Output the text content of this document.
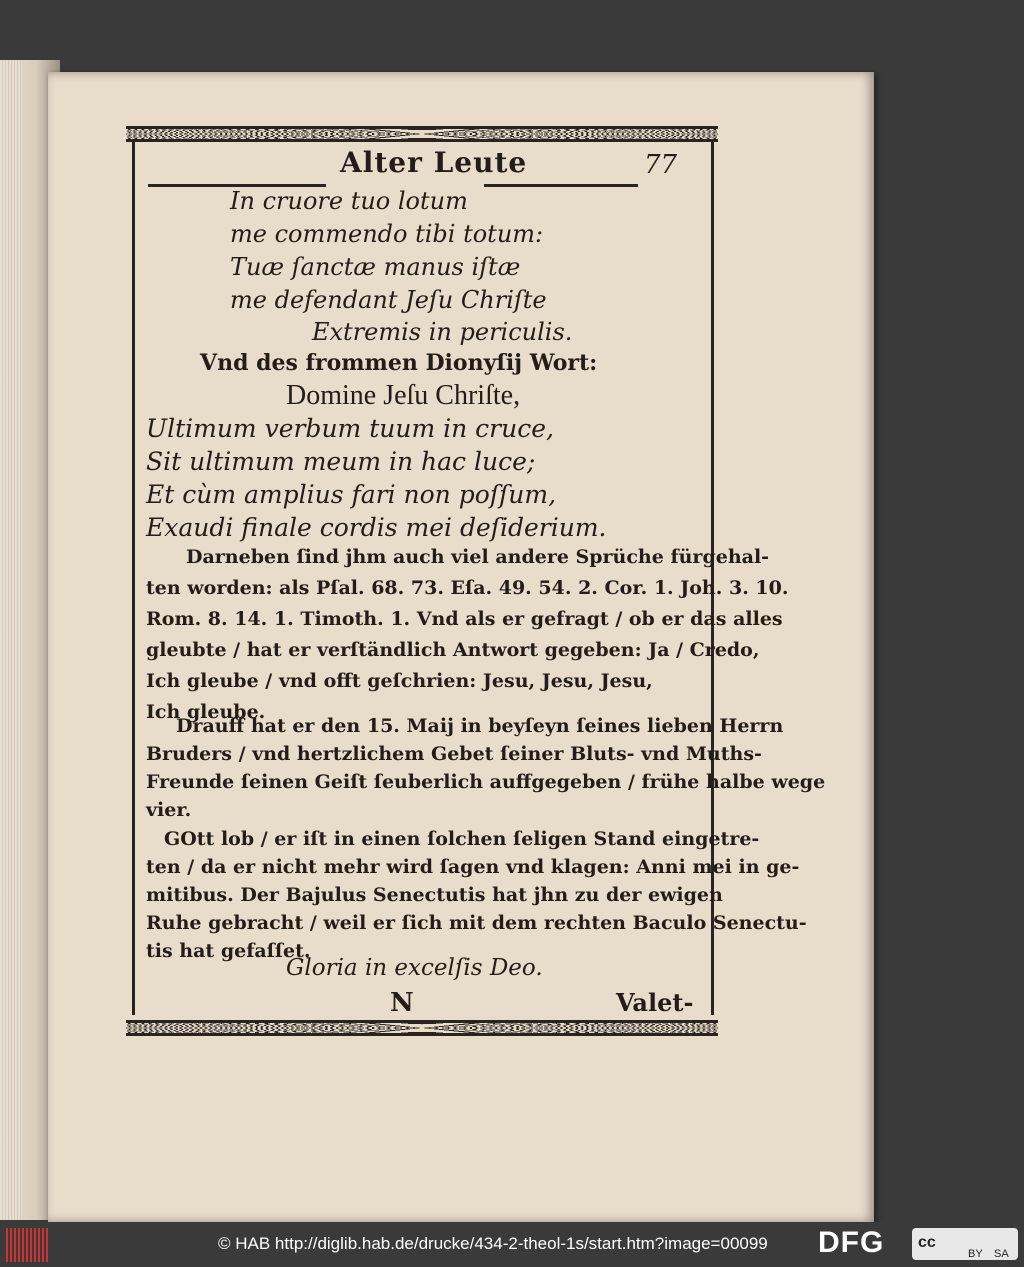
Alter Leute	77
In cruore tuo lotum
me commendo tibi totum:
Tuæ ſanctæ manus iſtæ
me defendant Jeſu Chriſte
Extremis in periculis.
Vnd des frommen Dionyſij Wort:
Domine Jeſu Chriſte,
Ultimum verbum tuum in cruce,
Sit ultimum meum in hac luce;
Et cùm amplius fari non poſſum,
Exaudi finale cordis mei deſiderium.
Darneben ſind jhm auch viel andere Sprüche fürgehal-
ten worden: als Pſal. 68. 73. Eſa. 49. 54. 2. Cor. 1. Joh. 3. 10.
Rom. 8. 14. 1. Timoth. 1. Vnd als er gefragt / ob er das alles
gleubte / hat er verſtändlich Antwort gegeben: Ja / Credo,
Ich gleube / vnd offt geſchrien: Jesu, Jesu, Jesu,
Ich gleube.
Drauff hat er den 15. Maij in beyſeyn ſeines lieben Herrn
Bruders / vnd hertzlichem Gebet ſeiner Bluts- vnd Muths-
Freunde ſeinen Geiſt ſeuberlich auffgegeben / frühe halbe wege
vier.
GOtt lob / er iſt in einen ſolchen ſeligen Stand eingetre-
ten / da er nicht mehr wird ſagen vnd klagen: Anni mei in ge-
mitibus. Der Bajulus Senectutis hat jhn zu der ewigen
Ruhe gebracht / weil er ſich mit dem rechten Baculo Senectu-
tis hat gefaſſet.
Gloria in excelſis Deo.
N	Valet-
© HAB http://diglib.hab.de/drucke/434-2-theol-1s/start.htm?image=00099 DFG cc
BY SA
